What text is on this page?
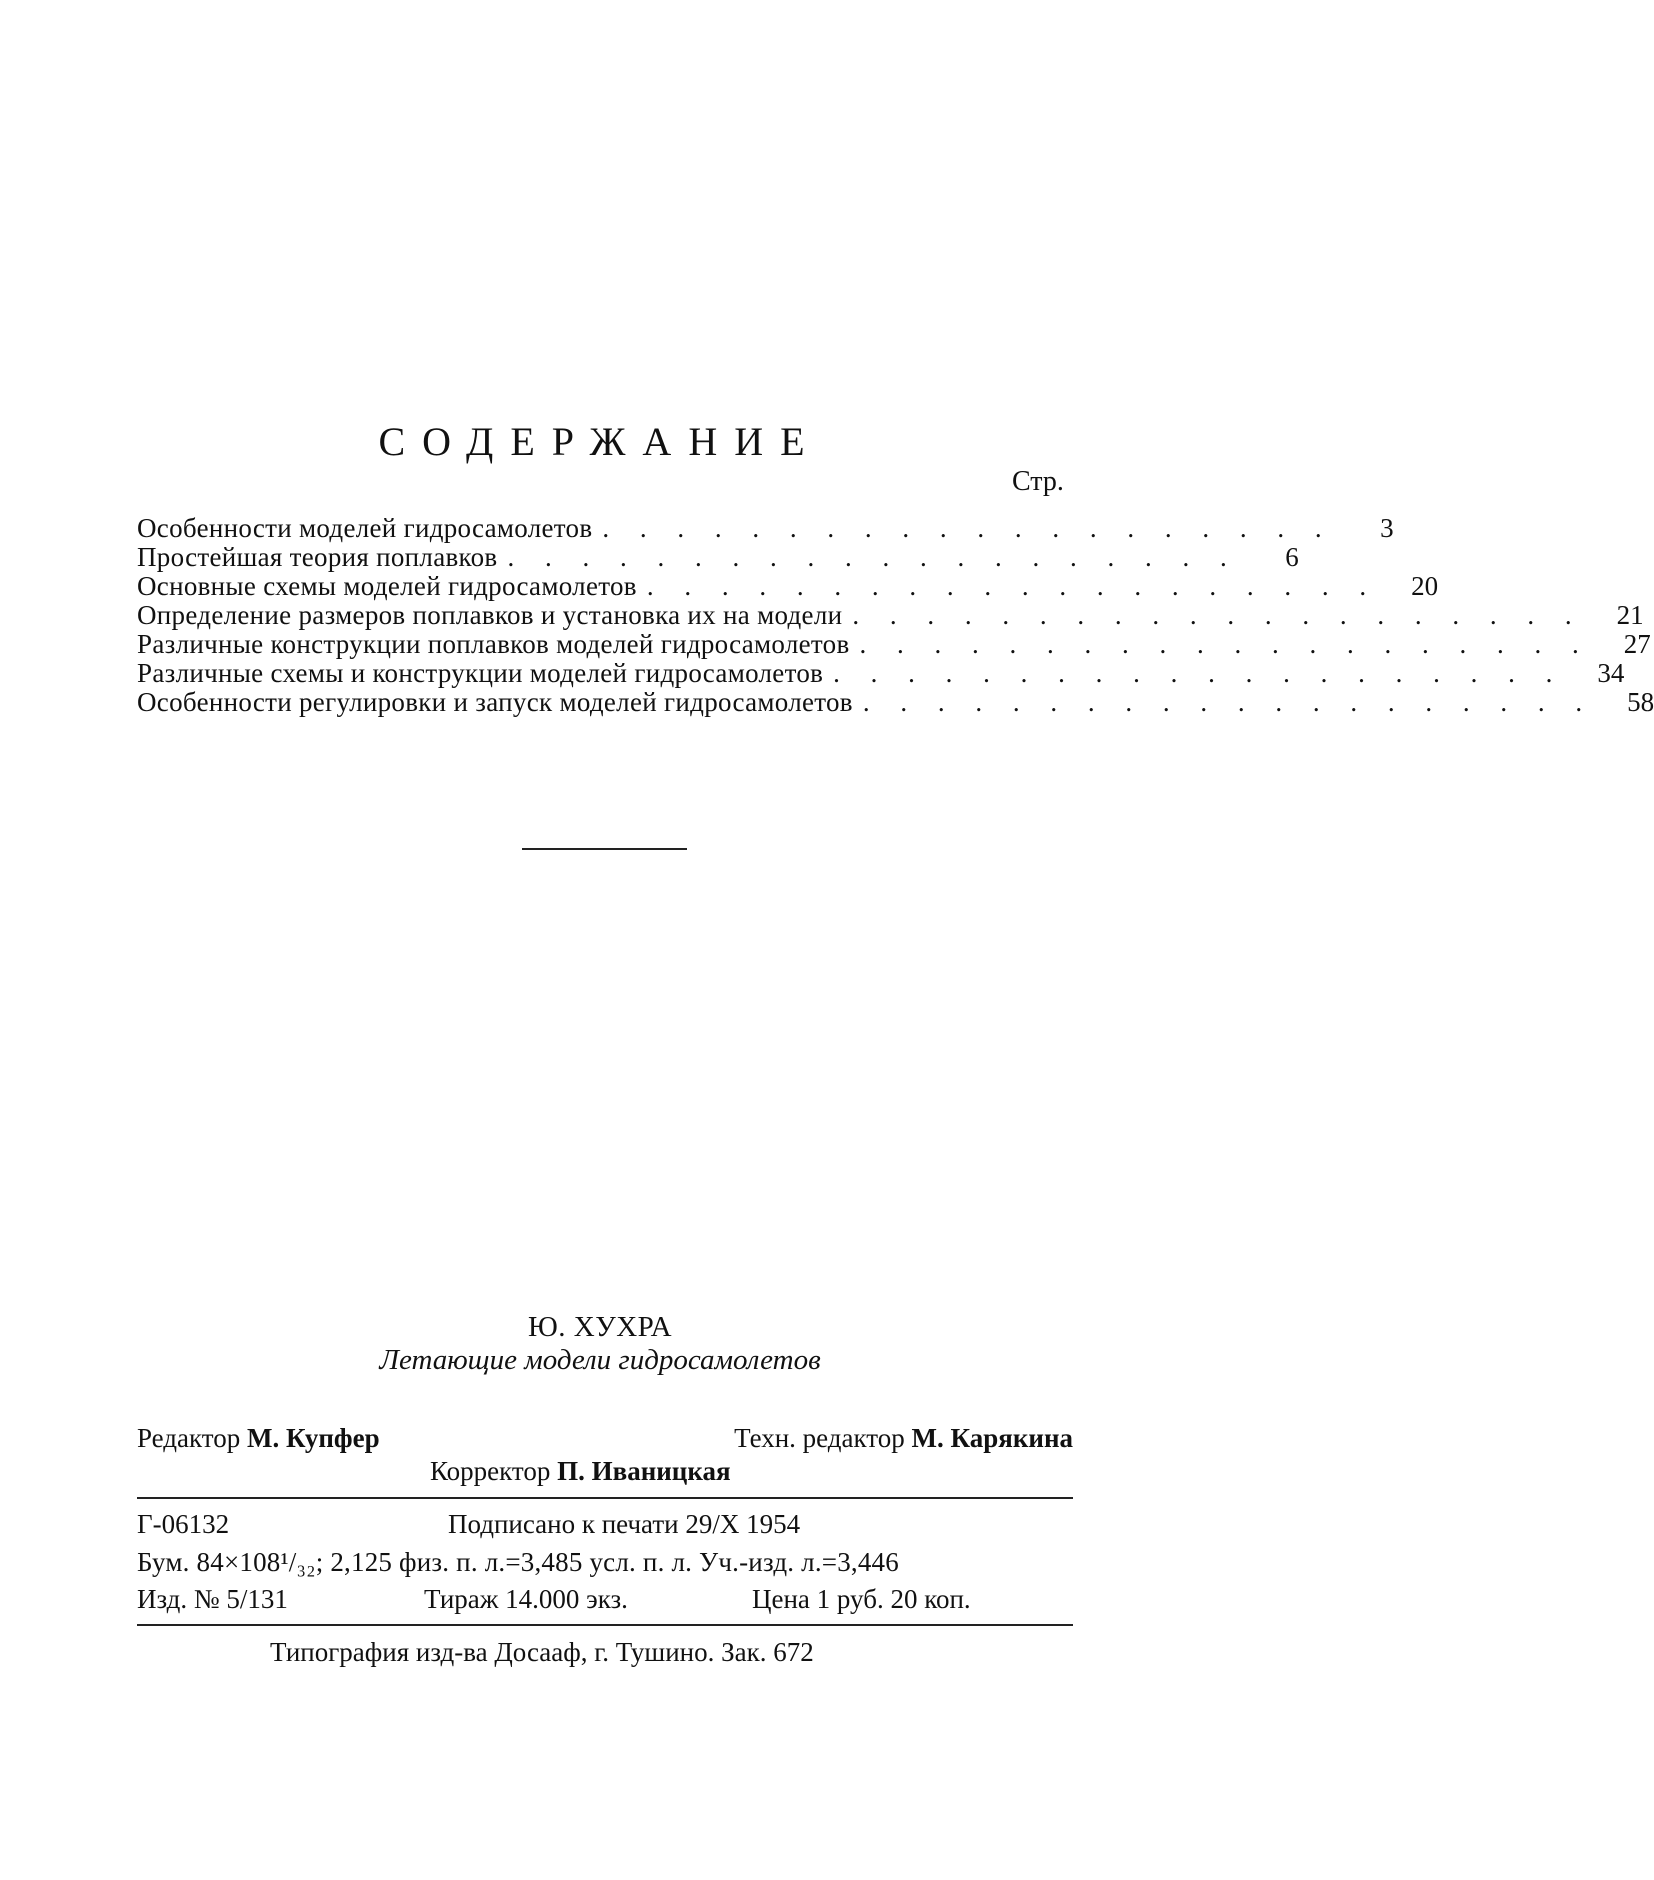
СОДЕРЖАНИЕ
Стр.
Особенности моделей гидросамолетов . . . . . . . . . . . . . . . . . . . .	3
Простейшая теория поплавков . . . . . . . . . . . . . . . . . . . .	6
Основные схемы моделей гидросамолетов . . . . . . . . . . . . . . . . . . . .	20
Определение размеров поплавков и установка их на модели . . . . . . . . . . . . . . . . . . . .	21
Различные конструкции поплавков моделей гидросамолетов . . . . . . . . . . . . . . . . . . . .	27
Различные схемы и конструкции моделей гидросамолетов . . . . . . . . . . . . . . . . . . . .	34
Особенности регулировки и запуск моделей гидросамолетов . . . . . . . . . . . . . . . . . . . .	58
Ю. ХУХРА
Летающие модели гидросамолетов
Редактор М. Купфер	Техн. редактор М. Карякина
Корректор П. Иваницкая
Г-06132	Подписано к печати 29/X 1954
Бум. 84×108¹/₃₂; 2,125 физ. п. л.=3,485 усл. п. л. Уч.-изд. л.=3,446
Изд. № 5/131	Тираж 14.000 экз.	Цена 1 руб. 20 коп.
Типография изд-ва Досааф, г. Тушино. Зак. 672
